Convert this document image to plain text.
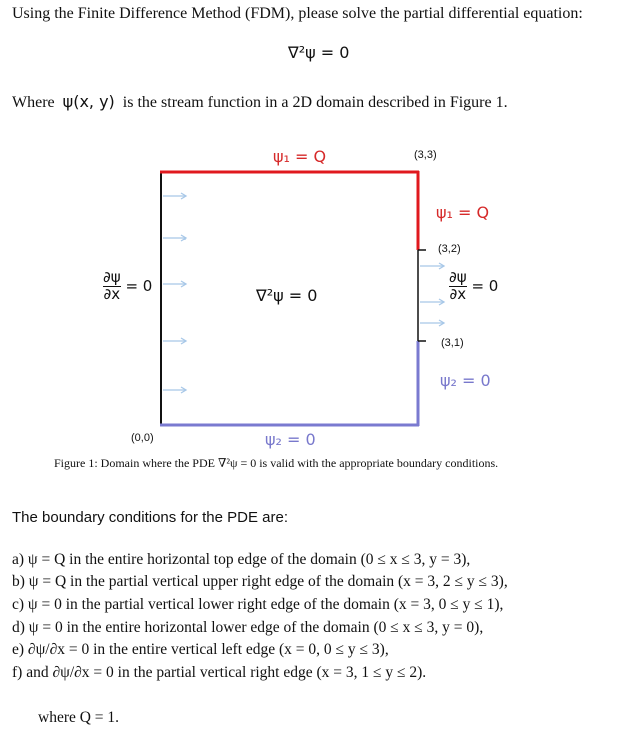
Using the Finite Difference Method (FDM), please solve the partial differential equation:
∇²ψ = 0
Where ψ(x, y) is the stream function in a 2D domain described in Figure 1.
ψ₁ = Q	(3,3)
ψ₁ = Q
(3,2)
$\frac{\partial\psi}{\partial x} = 0$
∇²ψ = 0	$\frac{\partial\psi}{\partial x} = 0$
(3,1)
ψ₂ = 0
(0,0)	ψ₂ = 0
Figure 1: Domain where the PDE ∇²ψ = 0 is valid with the appropriate boundary conditions.
The boundary conditions for the PDE are:
a) ψ = Q in the entire horizontal top edge of the domain (0 ≤ x ≤ 3, y = 3),
b) ψ = Q in the partial vertical upper right edge of the domain (x = 3, 2 ≤ y ≤ 3),
c) ψ = 0 in the partial vertical lower right edge of the domain (x = 3, 0 ≤ y ≤ 1),
d) ψ = 0 in the entire horizontal lower edge of the domain (0 ≤ x ≤ 3, y = 0),
e) ∂ψ/∂x = 0 in the entire vertical left edge (x = 0, 0 ≤ y ≤ 3),
f) and ∂ψ/∂x = 0 in the partial vertical right edge (x = 3, 1 ≤ y ≤ 2).
where Q = 1.
